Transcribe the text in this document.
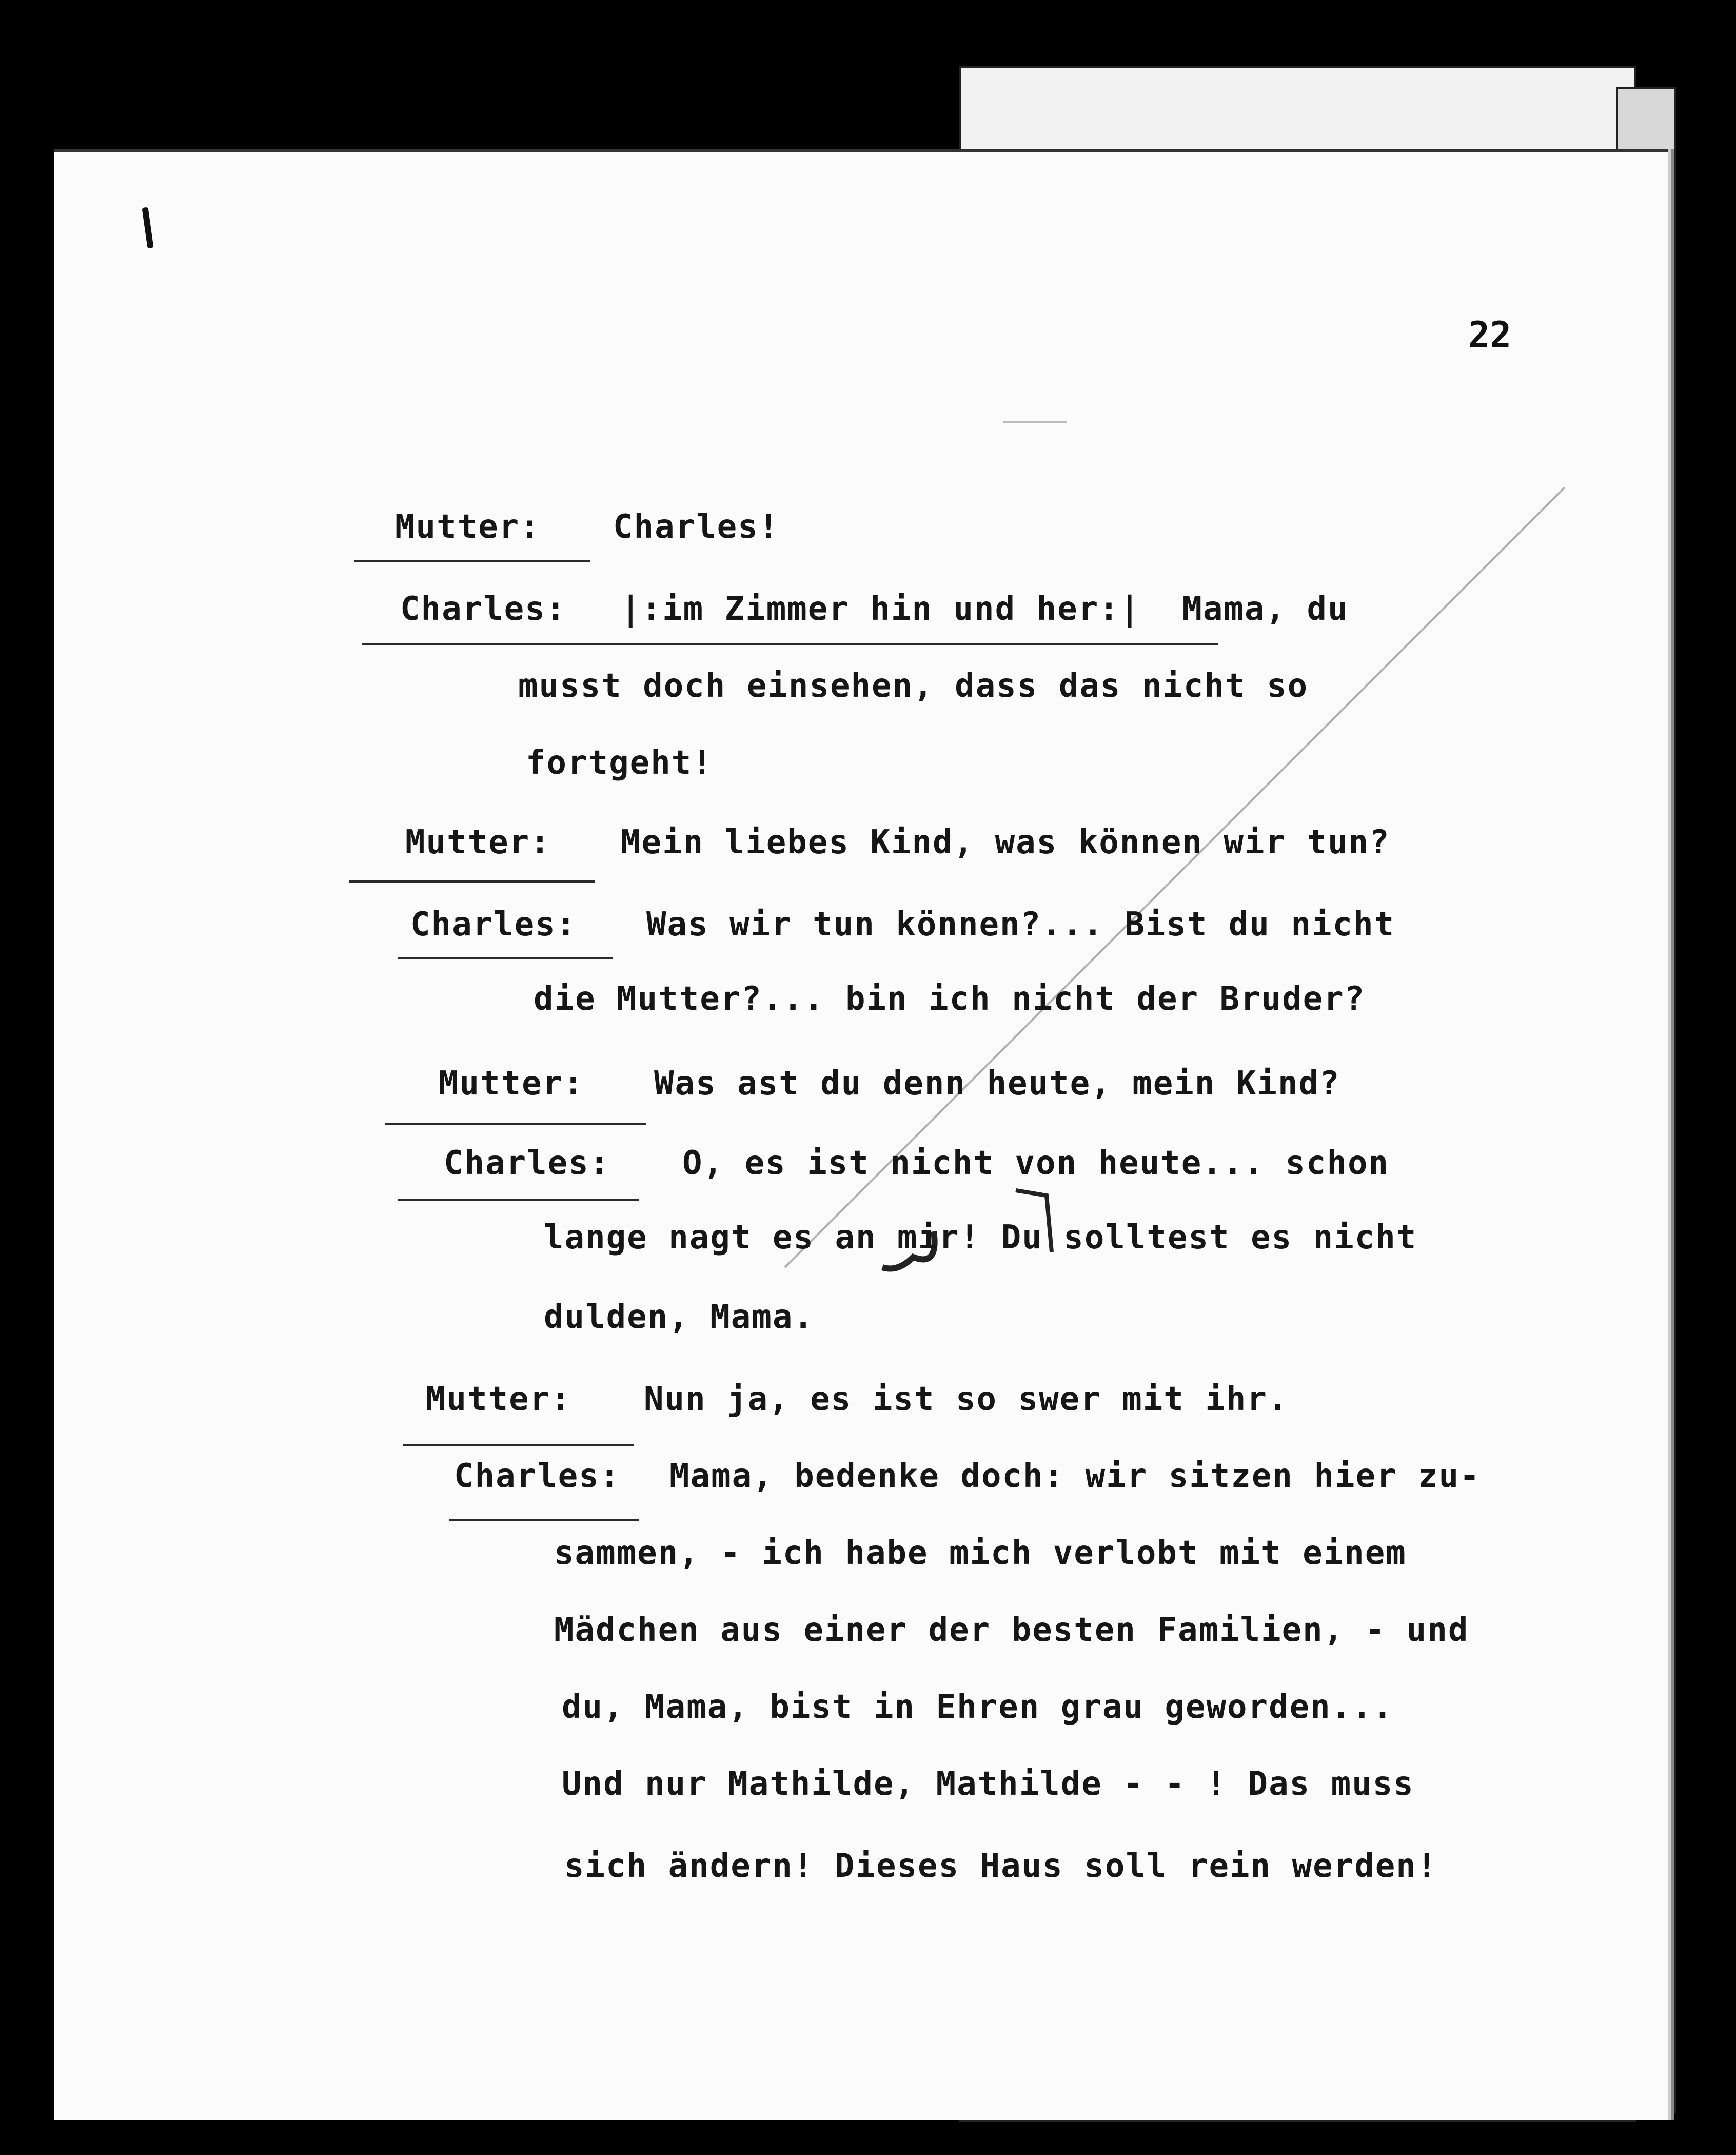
22
Mutter: Charles!
Charles: |:im Zimmer hin und her:|  Mama, du
musst doch einsehen, dass das nicht so
fortgeht!
Mutter: Mein liebes Kind, was können wir tun?
Charles: Was wir tun können?... Bist du nicht
die Mutter?... bin ich nicht der Bruder?
Mutter: Was ast du denn heute, mein Kind?
Charles: O, es ist nicht von heute... schon
lange nagt es an mir! Du solltest es nicht
dulden, Mama.
Mutter: Nun ja, es ist so swer mit ihr.
Charles: Mama, bedenke doch: wir sitzen hier zu-
sammen, - ich habe mich verlobt mit einem
Mädchen aus einer der besten Familien, - und
du, Mama, bist in Ehren grau geworden...
Und nur Mathilde, Mathilde - - ! Das muss
sich ändern! Dieses Haus soll rein werden!
